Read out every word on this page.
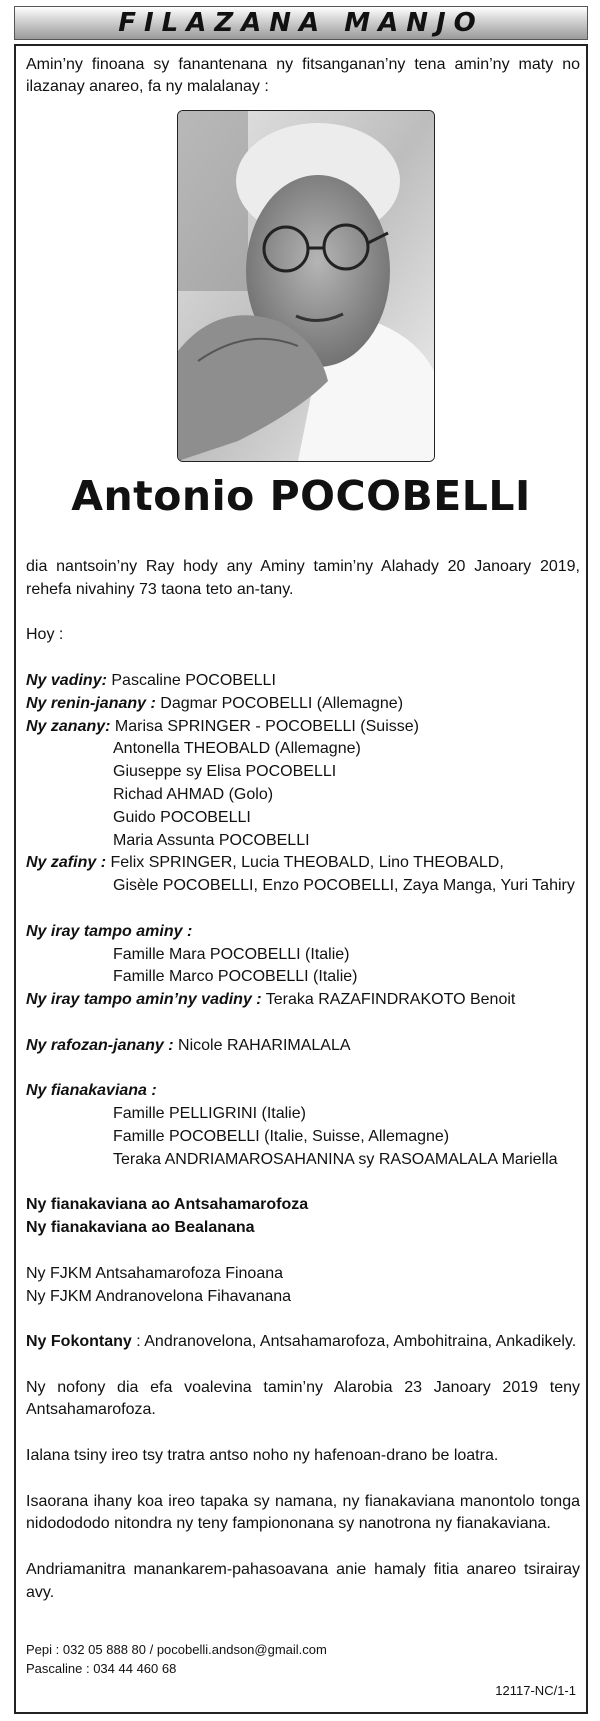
FILAZANA MANJO

Amin’ny finoana sy fanantenana ny fitsanganan’ny tena amin’ny maty no ilazanay anareo, fa ny malalanay :

Antonio POCOBELLI

dia nantsoin’ny Ray hody any Aminy tamin’ny Alahady 20 Janoary 2019, rehefa nivahiny 73 taona teto an-tany.

Hoy :

Ny vadiny: Pascaline POCOBELLI

Ny renin-janany : Dagmar POCOBELLI (Allemagne)

Ny zanany: Marisa SPRINGER - POCOBELLI (Suisse)

Antonella THEOBALD (Allemagne)

Giuseppe sy Elisa POCOBELLI

Richad AHMAD (Golo)

Guido POCOBELLI

Maria Assunta POCOBELLI

Ny zafiny : Felix SPRINGER, Lucia THEOBALD, Lino THEOBALD,

Gisèle POCOBELLI, Enzo POCOBELLI, Zaya Manga, Yuri Tahiry

Ny iray tampo aminy :

Famille Mara POCOBELLI (Italie)

Famille Marco POCOBELLI (Italie)

Ny iray tampo amin’ny vadiny : Teraka RAZAFINDRAKOTO Benoit

Ny rafozan-janany : Nicole RAHARIMALALA

Ny fianakaviana :

Famille PELLIGRINI (Italie)

Famille POCOBELLI (Italie, Suisse, Allemagne)

Teraka ANDRIAMAROSAHANINA sy RASOAMALALA Mariella

Ny fianakaviana ao Antsahamarofoza

Ny fianakaviana ao Bealanana

Ny FJKM Antsahamarofoza Finoana

Ny FJKM Andranovelona Fihavanana

Ny Fokontany : Andranovelona, Antsahamarofoza, Ambohitraina, Ankadikely.

Ny nofony dia efa voalevina tamin’ny Alarobia 23 Janoary 2019 teny Antsahamarofoza.

Ialana tsiny ireo tsy tratra antso noho ny hafenoan-drano be loatra.

Isaorana ihany koa ireo tapaka sy namana, ny fianakaviana manontolo tonga nidodododo nitondra ny teny fampiononana sy nanotrona ny fianakaviana.

Andriamanitra manankarem-pahasoavana anie hamaly fitia anareo tsirairay avy.

Pepi : 032 05 888 80 / pocobelli.andson@gmail.com
Pascaline : 034 44 460 68
12117-NC/1-1
